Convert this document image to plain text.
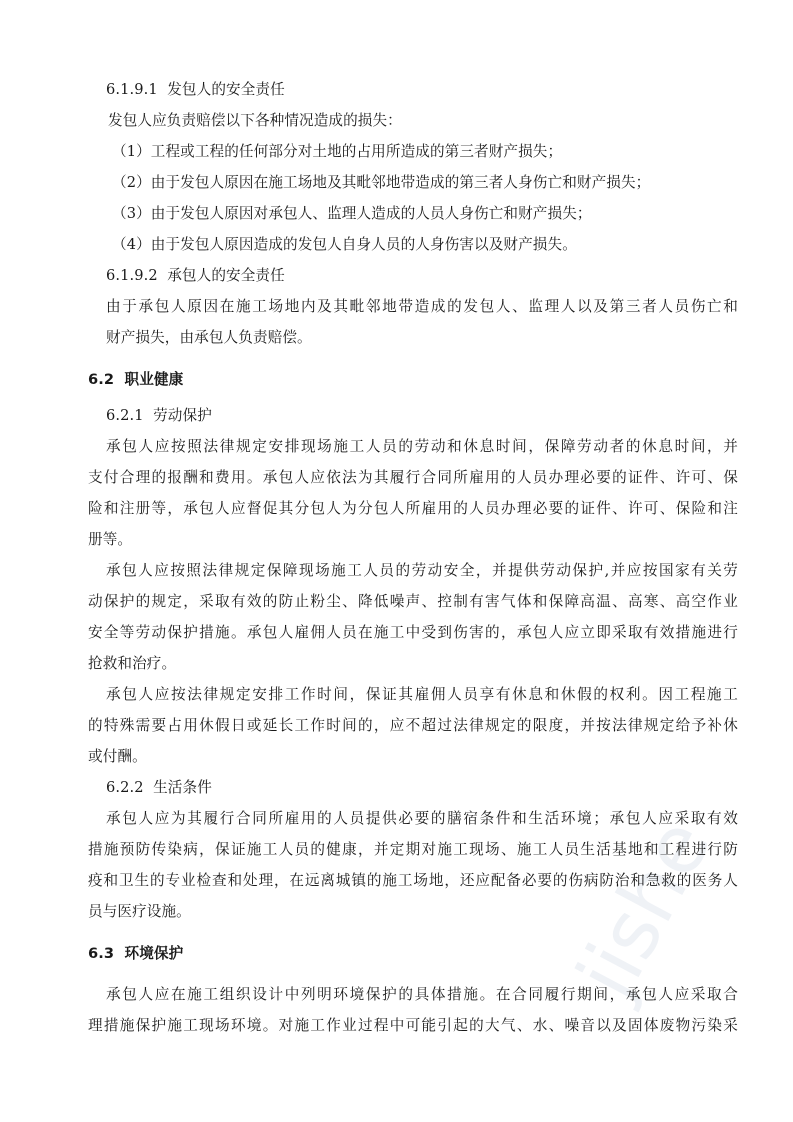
jishe
6.1.9.1  发包人的安全责任
发包人应负责赔偿以下各种情况造成的损失：
（1）工程或工程的任何部分对土地的占用所造成的第三者财产损失；
（2）由于发包人原因在施工场地及其毗邻地带造成的第三者人身伤亡和财产损失；
（3）由于发包人原因对承包人、监理人造成的人员人身伤亡和财产损失；
（4）由于发包人原因造成的发包人自身人员的人身伤害以及财产损失。
6.1.9.2  承包人的安全责任
由于承包人原因在施工场地内及其毗邻地带造成的发包人、监理人以及第三者人员伤亡和
财产损失，由承包人负责赔偿。
6.2  职业健康
6.2.1  劳动保护
承包人应按照法律规定安排现场施工人员的劳动和休息时间，保障劳动者的休息时间，并
支付合理的报酬和费用。承包人应依法为其履行合同所雇用的人员办理必要的证件、许可、保
险和注册等，承包人应督促其分包人为分包人所雇用的人员办理必要的证件、许可、保险和注
册等。
承包人应按照法律规定保障现场施工人员的劳动安全，并提供劳动保护,并应按国家有关劳
动保护的规定，采取有效的防止粉尘、降低噪声、控制有害气体和保障高温、高寒、高空作业
安全等劳动保护措施。承包人雇佣人员在施工中受到伤害的，承包人应立即采取有效措施进行
抢救和治疗。
承包人应按法律规定安排工作时间，保证其雇佣人员享有休息和休假的权利。因工程施工
的特殊需要占用休假日或延长工作时间的，应不超过法律规定的限度，并按法律规定给予补休
或付酬。
6.2.2  生活条件
承包人应为其履行合同所雇用的人员提供必要的膳宿条件和生活环境；承包人应采取有效
措施预防传染病，保证施工人员的健康，并定期对施工现场、施工人员生活基地和工程进行防
疫和卫生的专业检查和处理，在远离城镇的施工场地，还应配备必要的伤病防治和急救的医务人
员与医疗设施。
6.3  环境保护
承包人应在施工组织设计中列明环境保护的具体措施。在合同履行期间，承包人应采取合
理措施保护施工现场环境。对施工作业过程中可能引起的大气、水、噪音以及固体废物污染采
